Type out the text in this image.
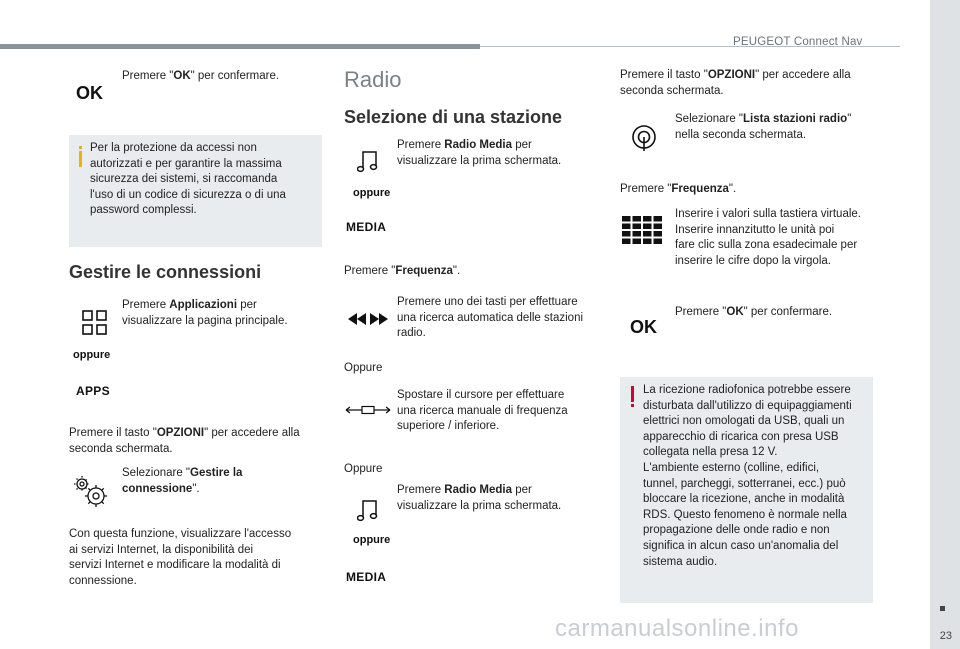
PEUGEOT Connect Nav
23
OK
Premere "OK" per confermare.
Per la protezione da accessi non
autorizzati e per garantire la massima
sicurezza dei sistemi, si raccomanda
l'uso di un codice di sicurezza o di una
password complessi.
Gestire le connessioni
Premere Applicazioni per
visualizzare la pagina principale.
oppure
APPS
Premere il tasto "OPZIONI" per accedere alla
seconda schermata.
Selezionare "Gestire la
connessione".
Con questa funzione, visualizzare l'accesso
ai servizi Internet, la disponibilità dei
servizi Internet e modificare la modalità di
connessione.
Radio
Selezione di una stazione
Premere Radio Media per
visualizzare la prima schermata.
oppure
MEDIA
Premere "Frequenza".
Premere uno dei tasti per effettuare
una ricerca automatica delle stazioni
radio.
Oppure
Spostare il cursore per effettuare
una ricerca manuale di frequenza
superiore / inferiore.
Oppure
Premere Radio Media per
visualizzare la prima schermata.
oppure
MEDIA
Premere il tasto "OPZIONI" per accedere alla
seconda schermata.
Selezionare "Lista stazioni radio"
nella seconda schermata.
Premere "Frequenza".
Inserire i valori sulla tastiera virtuale.
Inserire innanzitutto le unità poi
fare clic sulla zona esadecimale per
inserire le cifre dopo la virgola.
OK
Premere "OK" per confermare.
La ricezione radiofonica potrebbe essere
disturbata dall'utilizzo di equipaggiamenti
elettrici non omologati da USB, quali un
apparecchio di ricarica con presa USB
collegata nella presa 12 V.
L'ambiente esterno (colline, edifici,
tunnel, parcheggi, sotterranei, ecc.) può
bloccare la ricezione, anche in modalità
RDS. Questo fenomeno è normale nella
propagazione delle onde radio e non
significa in alcun caso un'anomalia del
sistema audio.
carmanualsonline.info
